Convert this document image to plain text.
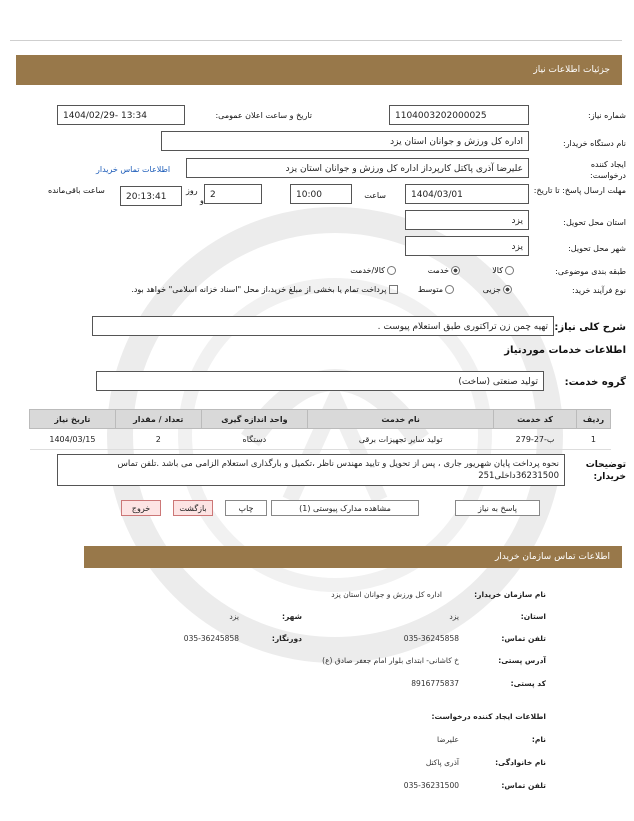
جزئیات اطلاعات نیاز
شماره نیاز:
1104003202000025
تاریخ و ساعت اعلان عمومی:
1404/02/29- 13:34
نام دستگاه خریدار:
اداره کل ورزش و جوانان استان یزد
ایجاد کننده درخواست:
علیرضا آذری پاکتل کارپرداز اداره کل ورزش و جوانان استان یزد
اطلاعات تماس خریدار
مهلت ارسال پاسخ: تا تاریخ:
1404/03/01
ساعت
10:00
2
روز
و
20:13:41
ساعت باقی‌مانده
استان محل تحویل:
یزد
شهر محل تحویل:
یزد
طبقه بندی موضوعی:
کالا
خدمت
کالا/خدمت
نوع فرآیند خرید:
جزیی
متوسط
پرداخت تمام یا بخشی از مبلغ خرید،از محل "اسناد خزانه اسلامی" خواهد بود.
شرح کلی نیاز:
تهیه چمن زن تراکتوری طبق استعلام پیوست .
اطلاعات خدمات موردنیاز
گروه خدمت:
تولید صنعتی (ساخت)
ردیف	کد خدمت	نام خدمت	واحد اندازه گیری	تعداد / مقدار	تاریخ نیاز
1	ب-27-279	تولید سایر تجهیزات برقی	دستگاه	2	1404/03/15
توضیحات خریدار:
نحوه پرداخت پایان شهریور جاری ، پس از تحویل و تایید مهندس ناظر ،تکمیل و بارگذاری استعلام الزامی می باشد .تلفن تماس 36231500داخلی251
پاسخ به نیاز
مشاهده مدارک پیوستی (1)
چاپ
بازگشت
خروج
اطلاعات تماس سازمان خریدار
نام سازمان خریدار:
اداره کل ورزش و جوانان استان یزد
استان:
یزد
شهر:
یزد
تلفن تماس:
035-36245858
دورنگار:
035-36245858
آدرس پستی:
خ کاشانی- ابتدای بلوار امام جعفر صادق (ع)
کد پستی:
8916775837
اطلاعات ایجاد کننده درخواست:
نام:
علیرضا
نام خانوادگی:
آذری پاکتل
تلفن تماس:
035-36231500
